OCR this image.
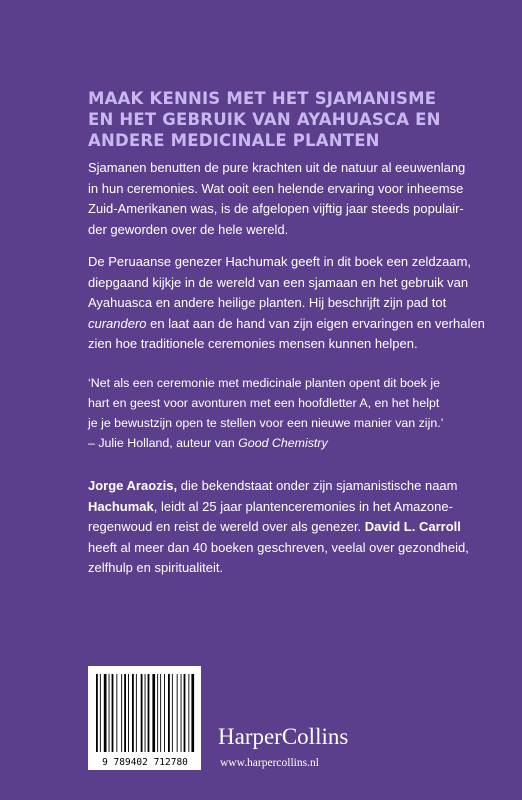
MAAK KENNIS MET HET SJAMANISME
EN HET GEBRUIK VAN AYAHUASCA EN
ANDERE MEDICINALE PLANTEN

Sjamanen benutten de pure krachten uit de natuur al eeuwenlang
in hun ceremonies. Wat ooit een helende ervaring voor inheemse
Zuid-Amerikanen was, is de afgelopen vijftig jaar steeds populair-
der geworden over de hele wereld.

De Peruaanse genezer Hachumak geeft in dit boek een zeldzaam,
diepgaand kijkje in de wereld van een sjamaan en het gebruik van
Ayahuasca en andere heilige planten. Hij beschrijft zijn pad tot
curandero en laat aan de hand van zijn eigen ervaringen en verhalen
zien hoe traditionele ceremonies mensen kunnen helpen.

‘Net als een ceremonie met medicinale planten opent dit boek je
hart en geest voor avonturen met een hoofdletter A, en het helpt
je je bewustzijn open te stellen voor een nieuwe manier van zijn.’
– Julie Holland, auteur van Good Chemistry

Jorge Araozis, die bekendstaat onder zijn sjamanistische naam
Hachumak, leidt al 25 jaar plantenceremonies in het Amazone-
regenwoud en reist de wereld over als genezer. David L. Carroll
heeft al meer dan 40 boeken geschreven, veelal over gezondheid,
zelfhulp en spiritualiteit.

9 789402 712780
HarperCollins
www.harpercollins.nl
